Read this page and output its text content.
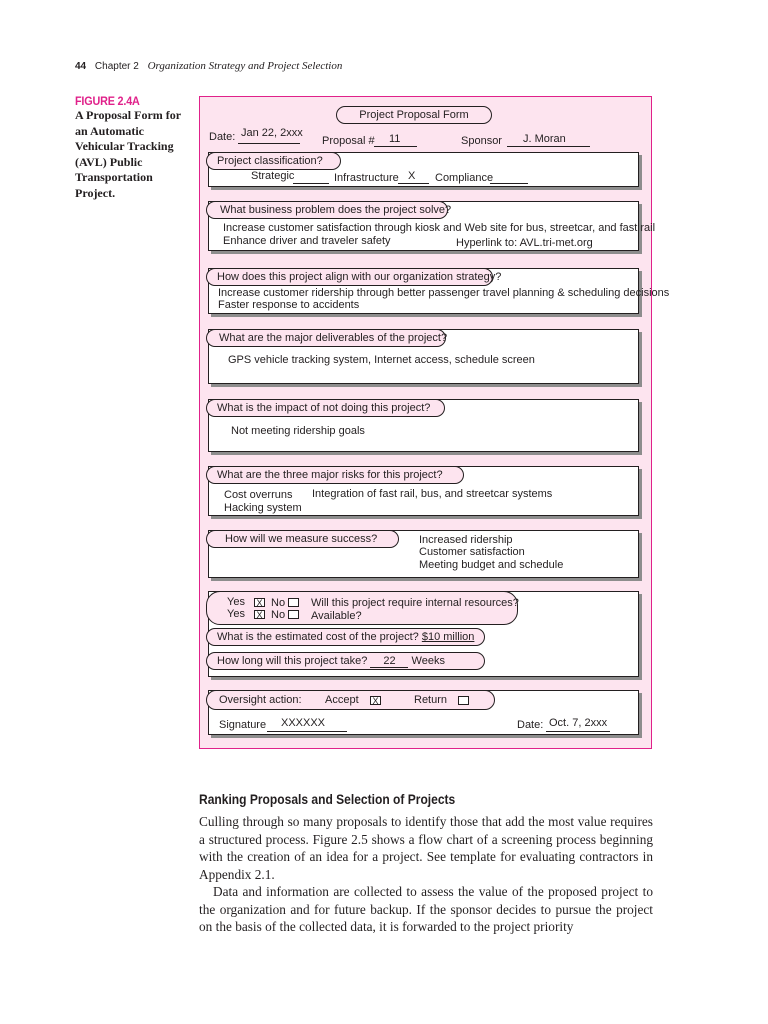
44 Chapter 2 Organization Strategy and Project Selection
FIGURE 2.4A
A Proposal Form for an Automatic Vehicular Tracking (AVL) Public Transportation Project.
Project Proposal Form
Date: Jan 22, 2xxx
Proposal # 11	Sponsor J. Moran
Strategic	Infrastructure X Compliance
Project classification?
Increase customer satisfaction through kiosk and Web site for bus, streetcar, and fast rail
Enhance driver and traveler safety	Hyperlink to: AVL.tri-met.org
What business problem does the project solve?
Increase customer ridership through better passenger travel planning & scheduling decisions
Faster response to accidents
How does this project align with our organization strategy?
GPS vehicle tracking system, Internet access, schedule screen
What are the major deliverables of the project?
Not meeting ridership goals
What is the impact of not doing this project?
Cost overruns
Hacking system
Integration of fast rail, bus, and streetcar systems
What are the three major risks for this project?
Increased ridership
Customer satisfaction
Meeting budget and schedule
How will we measure success?
Yes X No Will this project require internal resources?
Yes X No Available?
What is the estimated cost of the project? $10 million
How long will this project take? 22 Weeks
Signature XXXXXX	Date: Oct. 7, 2xxx
Oversight action: Accept X	Return
Ranking Proposals and Selection of Projects

Culling through so many proposals to identify those that add the most value requires a structured process. Figure 2.5 shows a flow chart of a screening process beginning with the creation of an idea for a project. See template for evaluating contractors in Appendix 2.1.

Data and information are collected to assess the value of the proposed project to the organization and for future backup. If the sponsor decides to pursue the project on the basis of the collected data, it is forwarded to the project priority
